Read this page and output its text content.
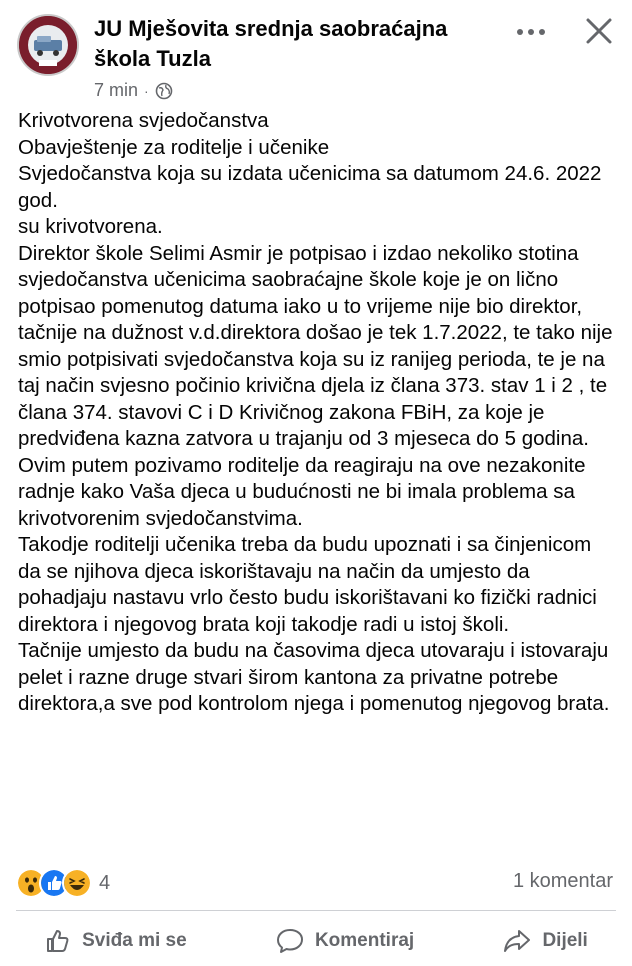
JU Mješovita srednja saobraćajna škola Tuzla
7 min ·

Krivotvorena svjedočanstva
Obavještenje za roditelje i učenike
Svjedočanstva koja su izdata učenicima sa datumom 24.6. 2022 god.
su krivotvorena.
Direktor škole Selimi Asmir je potpisao i izdao nekoliko stotina svjedočanstva učenicima saobraćajne škole koje je on lično potpisao pomenutog datuma iako u to vrijeme nije bio direktor, tačnije na dužnost v.d.direktora došao je tek 1.7.2022, te tako nije smio potpisivati svjedočanstva koja su iz ranijeg perioda, te je na taj način svjesno počinio krivična djela iz člana 373. stav 1 i 2 , te člana 374. stavovi C i D Krivičnog zakona FBiH, za koje je predviđena kazna zatvora u trajanju od 3 mjeseca do 5 godina.
Ovim putem pozivamo roditelje da reagiraju na ove nezakonite radnje kako Vaša djeca u budućnosti ne bi imala problema sa krivotvorenim svjedočanstvima.
Takodje roditelji učenika treba da budu upoznati i sa činjenicom da se njihova djeca iskorištavaju na način da umjesto da pohadjaju nastavu vrlo često budu iskorištavani ko fizički radnici direktora i njegovog brata koji takodje radi u istoj školi.
Tačnije umjesto da budu na časovima djeca utovaraju i istovaraju pelet i razne druge stvari širom kantona za privatne potrebe direktora,a sve pod kontrolom njega i pomenutog njegovog brata.

4	1 komentar
Sviđa mi se	Komentiraj	Dijeli
